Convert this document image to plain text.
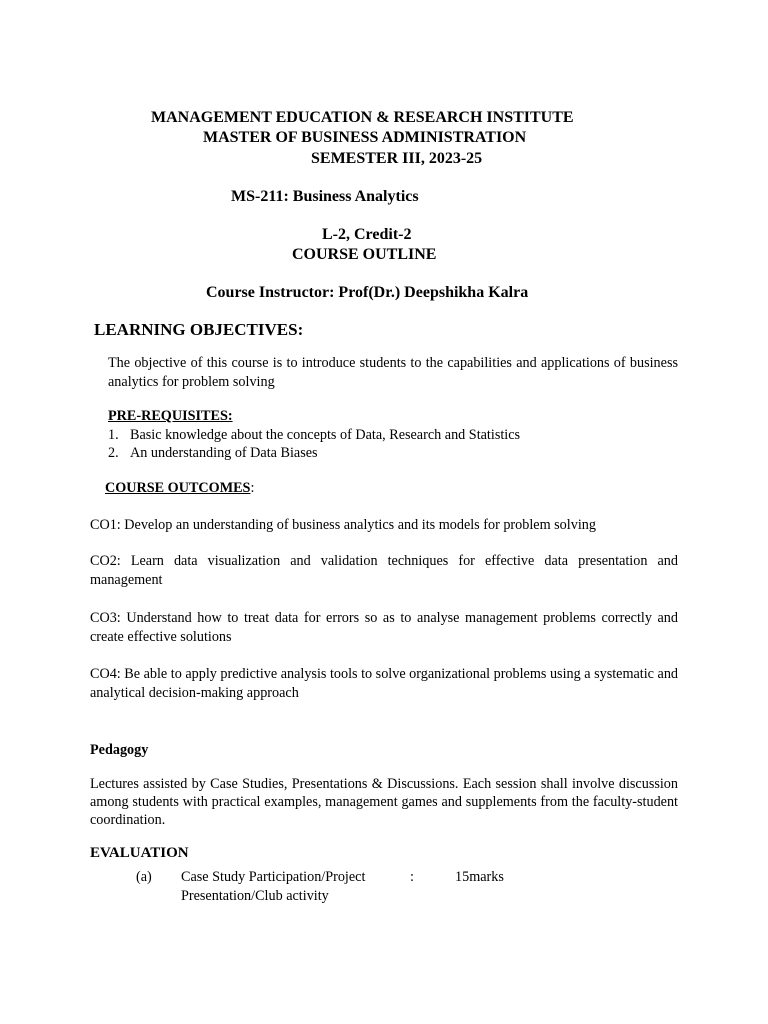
MANAGEMENT EDUCATION & RESEARCH INSTITUTE
MASTER OF BUSINESS ADMINISTRATION
SEMESTER III, 2023-25
MS-211: Business Analytics
L-2, Credit-2
COURSE OUTLINE
Course Instructor: Prof(Dr.) Deepshikha Kalra
LEARNING OBJECTIVES:
The objective of this course is to introduce students to the capabilities and applications of business analytics for problem solving
PRE-REQUISITES:
1. Basic knowledge about the concepts of Data, Research and Statistics
2. An understanding of Data Biases
COURSE OUTCOMES:
CO1: Develop an understanding of business analytics and its models for problem solving
CO2: Learn data visualization and validation techniques for effective data presentation and management
CO3: Understand how to treat data for errors so as to analyse management problems correctly and create effective solutions
CO4: Be able to apply predictive analysis tools to solve organizational problems using a systematic and analytical decision-making approach
Pedagogy
Lectures assisted by Case Studies, Presentations & Discussions. Each session shall involve discussion among students with practical examples, management games and supplements from the faculty-student coordination.
EVALUATION
(a) Case Study Participation/Project
Presentation/Club activity
:	15marks
